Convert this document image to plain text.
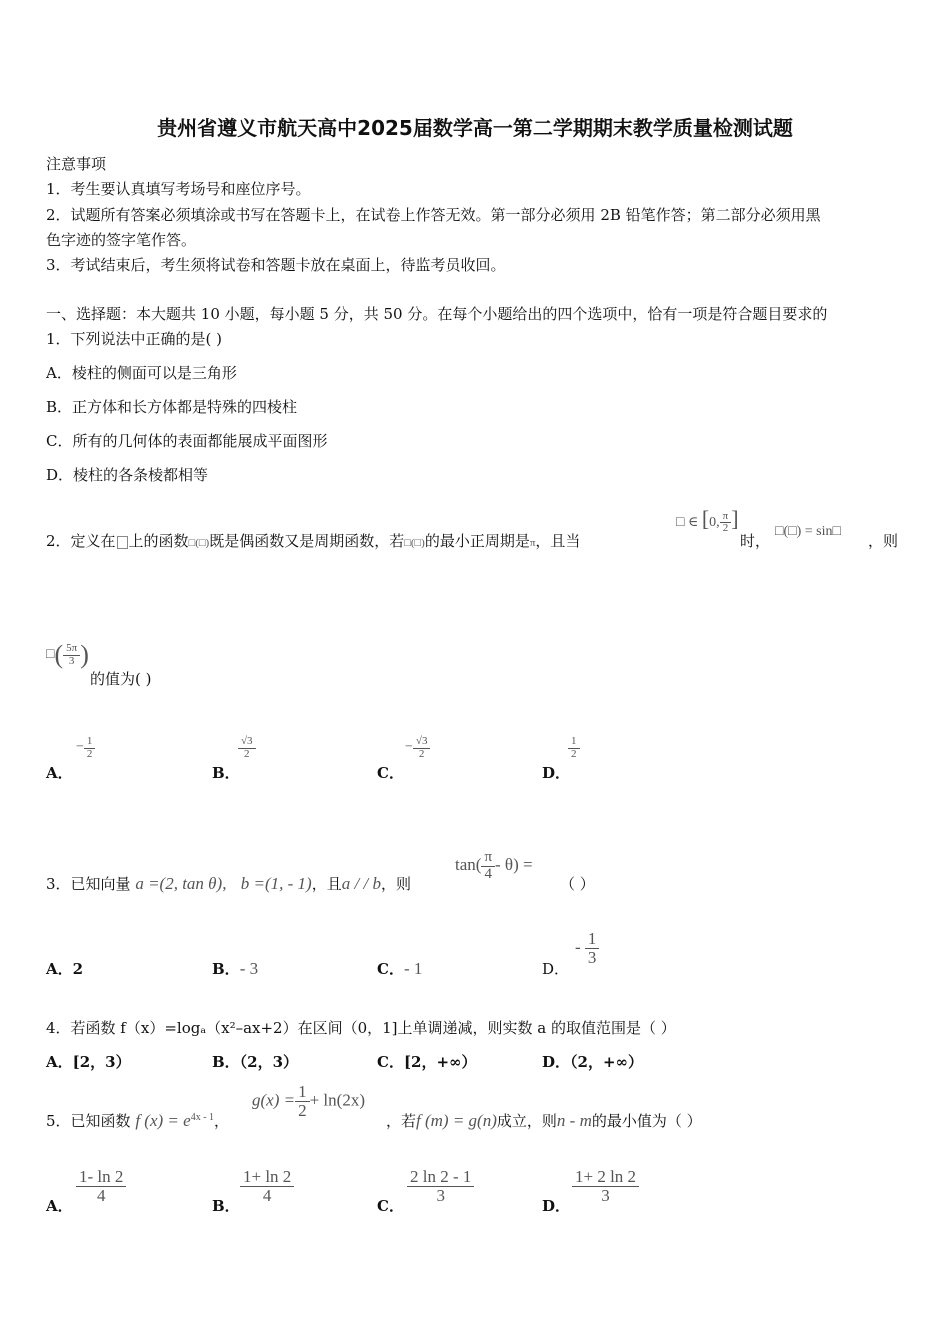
贵州省遵义市航天高中2025届数学高一第二学期期末教学质量检测试题
注意事项
1．考生要认真填写考场号和座位序号。
2．试题所有答案必须填涂或书写在答题卡上，在试卷上作答无效。第一部分必须用 2B 铅笔作答；第二部分必须用黑
色字迹的签字笔作答。
3．考试结束后，考生须将试卷和答题卡放在桌面上，待监考员收回。
一、选择题：本大题共 10 小题，每小题 5 分，共 50 分。在每个小题给出的四个选项中，恰有一项是符合题目要求的
1．下列说法中正确的是( )
A．棱柱的侧面可以是三角形
B．正方体和长方体都是特殊的四棱柱
C．所有的几何体的表面都能展成平面图形
D．棱柱的各条棱都相等
2．定义在 上的函数□(□)既是偶函数又是周期函数，若□(□)的最小正周期是π，且当
□ ∈ [0, $\frac{\pi}{2}$ ]
时，
□(□) = sin□
，则
□( $\frac{5\pi}{3}$ )
的值为( )
A．
− $\frac{1}{2}$
B．
$\frac{√3}{2}$
C．
− $\frac{√3}{2}$
D．
$\frac{1}{2}$
3．已知向量 a =(2, tan θ), b =(1, - 1)，且a / / b，则
$\tan( \frac{\pi}{4} - \theta)$ =
（ ）
A．2	B．- 3	C．- 1	D．
- $\frac{1}{3}$
4．若函数 f（x）=logₐ（x²–ax+2）在区间（0，1]上单调递减，则实数 a 的取值范围是（ ）
A．[2，3）	B．（2，3）	C．[2，+∞）	D．（2，+∞）
5．已知函数 f $(x) = e^{4x - 1}$，
$g(x) = \frac{1}{2} + \ln(2x)$
，若f (m) = g(n)成立，则n - m的最小值为（ ）
A．
$\frac{1- \ln 2}{4}$
B．
$\frac{1+ \ln 2}{4}$
C．
$\frac{2 \ln 2 - 1}{3}$
D．
$\frac{1+ 2 \ln 2}{3}$
